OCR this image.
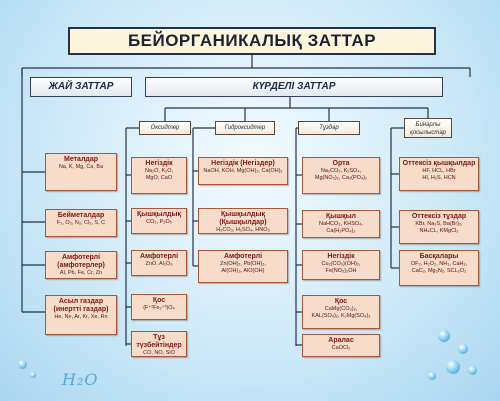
БЕЙОРГАНИКАЛЫҚ ЗАТТАР
ЖАЙ ЗАТТАР	КҮРДЕЛІ ЗАТТАР
Оксидтер	Гидроксидтер	Тұздар	Бинарлы қосылыстар
Металдар
Na, K, Mg, Ca, Ba
Бейметалдар
F₂, O₂, N₂, Cl₂, S, C
Амфотерлі (амфотерлер)
Al, Pb, Fe, Cr, Zn
Асыл газдар (инертті газдар)
He, Ne, Ar, Kr, Xe, Rn
Негіздік
Na₂O, K₂O,
MgO, CaO
Қышқылдық
CO₂, P₂O₅
Амфотерлі
ZnO, Al₂O₃
Қос
(F⁺²Fe₂⁺³)O₄
Тұз түзбейтіндер
CO, NO, SiO
Негіздік (Негіздер)
NaOH, KOH, Mg(OH)₂, Ca(OH)₂
Қышқылдық (Қышқылдар)
H₂CO₃, H₂SO₄, HNO₃
Амфотерлі
Zn(OH)₂, Pb(OH)₂,
Al(OH)₃, AlO(OH)
Орта
Na₂CO₃, K₂SO₄,
Mg(NO₃)₂, Ca₃(PO₄)₂
Қышқыл
NaHCO₃, KHSO₄,
Ca(H₂PO₄)₂
Негіздік
Cu₂(CO₃)(OH)₂,
Fe(NO₃)₂OH
Қос
CaMg(CO₃)₂,
KAL(SO₄)₂, K₂Mg(SO₄)₂
Аралас
CaOCl₂
Оттексіз қышқылдар
HF, HCL, HBr
HI, H₂S, HCN
Оттексіз тұздар
KBr, Na₂S, Ba(Br)₂,
NH₄CL, KMgCl₃
Басқалары
OF₂, H₂O₂, NH₃, CaH₂,
CaC₂, Mg₃N₂, SCL₂O₂
H₂O
